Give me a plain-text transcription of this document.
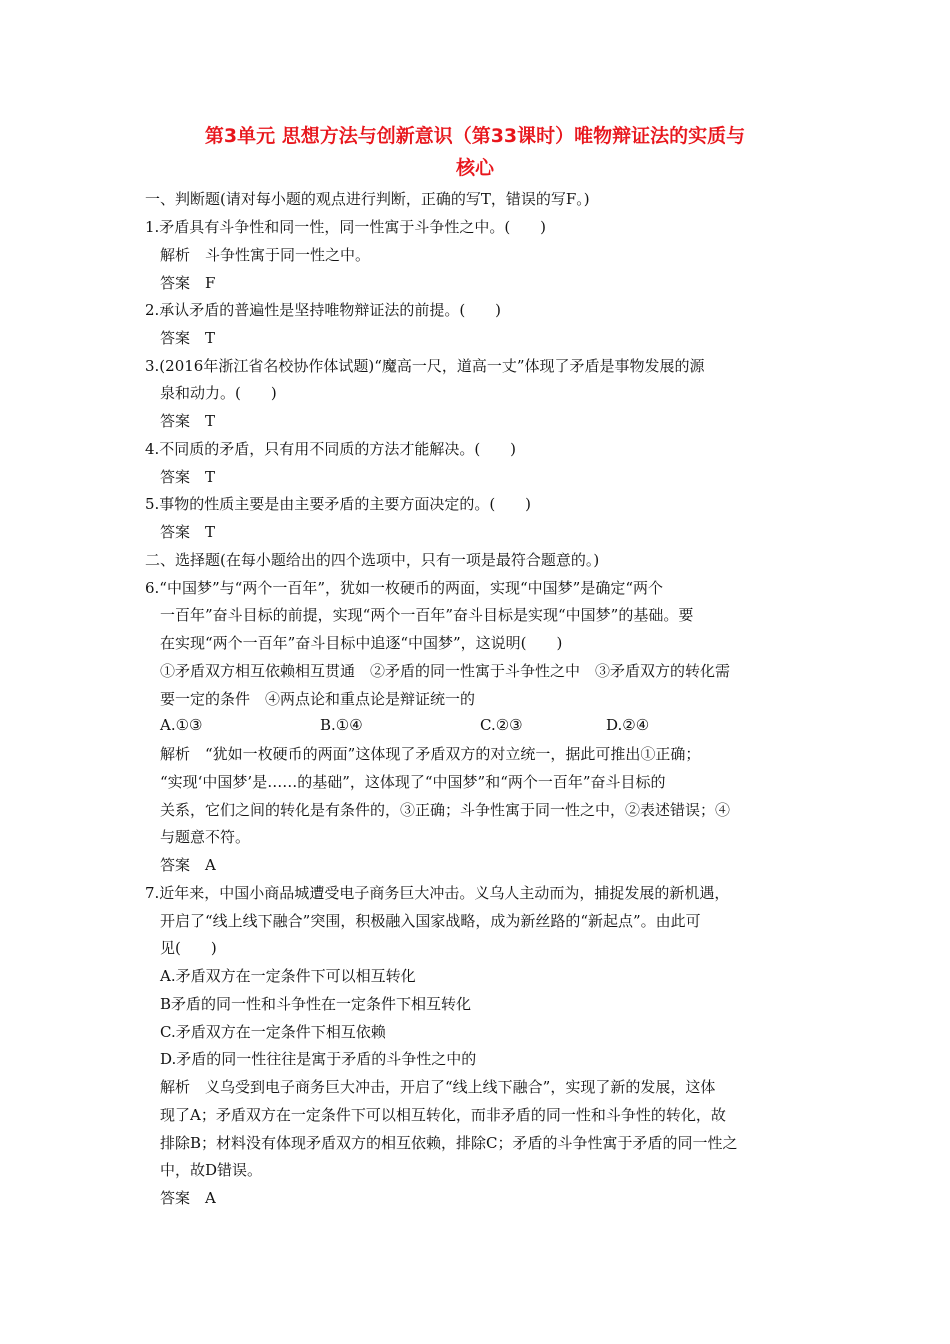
第3单元 思想方法与创新意识（第33课时）唯物辩证法的实质与
核心
一、判断题(请对每小题的观点进行判断，正确的写T，错误的写F。)
1.矛盾具有斗争性和同一性，同一性寓于斗争性之中。(　　)
解析　斗争性寓于同一性之中。
答案　F
2.承认矛盾的普遍性是坚持唯物辩证法的前提。(　　)
答案　T
3.(2016年浙江省名校协作体试题)“魔高一尺，道高一丈”体现了矛盾是事物发展的源
泉和动力。(　　)
答案　T
4.不同质的矛盾，只有用不同质的方法才能解决。(　　)
答案　T
5.事物的性质主要是由主要矛盾的主要方面决定的。(　　)
答案　T
二、选择题(在每小题给出的四个选项中，只有一项是最符合题意的。)
6.“中国梦”与“两个一百年”，犹如一枚硬币的两面，实现“中国梦”是确定“两个
一百年”奋斗目标的前提，实现“两个一百年”奋斗目标是实现“中国梦”的基础。要
在实现“两个一百年”奋斗目标中追逐“中国梦”，这说明(　　)
①矛盾双方相互依赖相互贯通　②矛盾的同一性寓于斗争性之中　③矛盾双方的转化需
要一定的条件　④两点论和重点论是辩证统一的
A.①③	B.①④	C.②③	D.②④
解析　“犹如一枚硬币的两面”这体现了矛盾双方的对立统一，据此可推出①正确；
“实现‘中国梦’是……的基础”，这体现了“中国梦”和“两个一百年”奋斗目标的
关系，它们之间的转化是有条件的，③正确；斗争性寓于同一性之中，②表述错误；④
与题意不符。
答案　A
7.近年来，中国小商品城遭受电子商务巨大冲击。义乌人主动而为，捕捉发展的新机遇，
开启了“线上线下融合”突围，积极融入国家战略，成为新丝路的“新起点”。由此可
见(　　)
A.矛盾双方在一定条件下可以相互转化
B矛盾的同一性和斗争性在一定条件下相互转化
C.矛盾双方在一定条件下相互依赖
D.矛盾的同一性往往是寓于矛盾的斗争性之中的
解析　义乌受到电子商务巨大冲击，开启了“线上线下融合”，实现了新的发展，这体
现了A；矛盾双方在一定条件下可以相互转化，而非矛盾的同一性和斗争性的转化，故
排除B；材料没有体现矛盾双方的相互依赖，排除C；矛盾的斗争性寓于矛盾的同一性之
中，故D错误。
答案　A
